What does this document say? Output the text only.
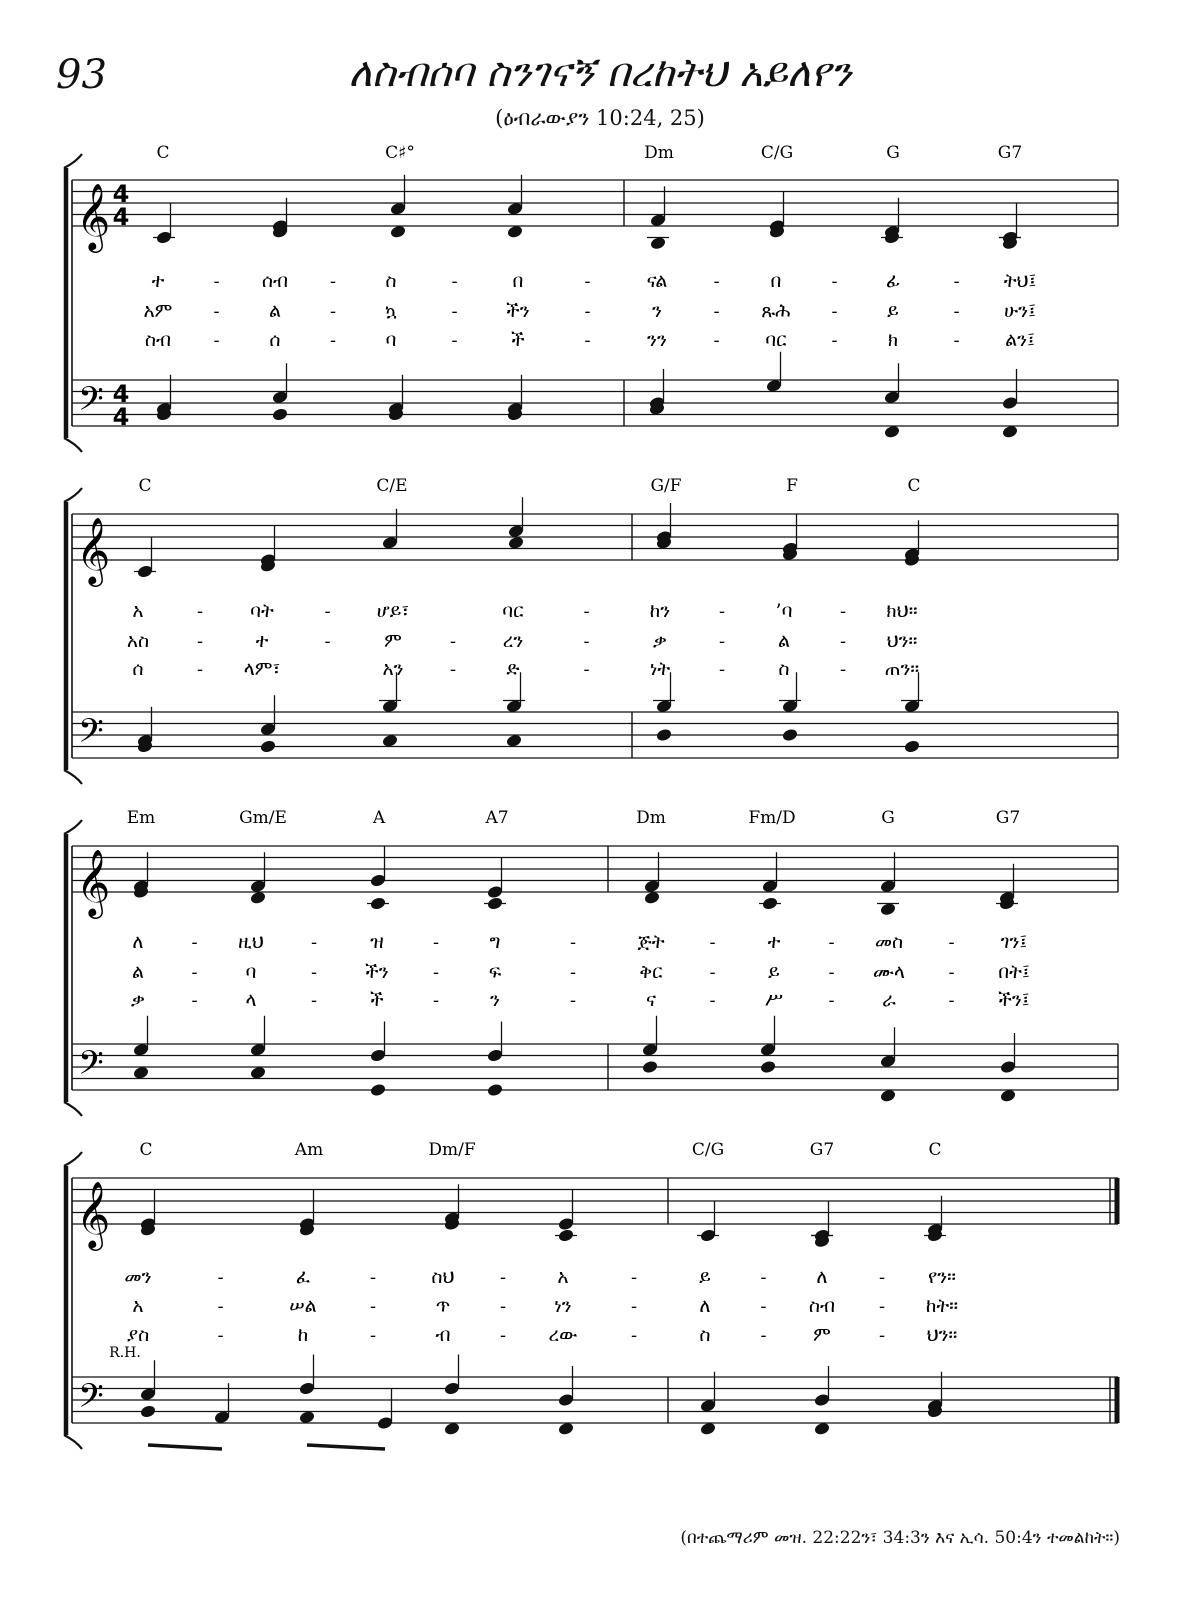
93	ለስብሰባ ስንገናኝ በረከትህ አይለየን
(ዕብራውያን 10:24, 25)
𝄞
𝄢
4
4
4
4
C	C♯°	Dm	C/G	G	G7
ተ	- ሰብ -	ስ	-	በ	-	ናል	-	በ	-	ፊ	- ትህ፤
አም -	ል	-	ኳ	-	ችን	-	ን	- ጹሕ -	ይ	- ሁን፤
ስብ -	ሰ	-	ባ	-	ች	-	ንን	- ባር -	ክ	- ልን፤
𝄞
𝄢
C	C/E	G/F	F	C
አ	- ባት	- ሆይ፣	ባር	-	ከን	-	’ባ	- ክህ።
አስ	-	ተ	-	ም	- ረን	-	ቃ	-	ል	- ህን።
ሰ	- ላም፣	አን	-	ድ	-	ነት	-	ስ	- ጠን።
𝄞
𝄢
Em	Gm/E	A	A7	Dm	Fm/D	G	G7
ለ	- ዚህ	-	ዝ	-	ግ	-	ጅት -	ተ	- መስ	- ገን፤
ል	-	ባ	-	ችን -	ፍ	-	ቅር	-	ይ	- ሙላ - በት፤
ቃ	-	ላ	-	ች	-	ን	-	ና	-	ሥ	-	ራ	- ችን፤
𝄞
𝄢
C	Am	Dm/F	C/G	G7	C
መን	-	ፈ	-	ስህ	-	አ	-	ይ	-	ለ	- የን።
አ	-	ሠል	-	ጥ	-	ነን	-	ለ	- ስብ - ከት።
ያስ	-	ከ	-	ብ	- ረው	-	ስ	- ም	- ህን።
R.H.
(በተጨማሪም መዝ. 22:22ን፣ 34:3ን እና ኢሳ. 50:4ን ተመልከት።)
